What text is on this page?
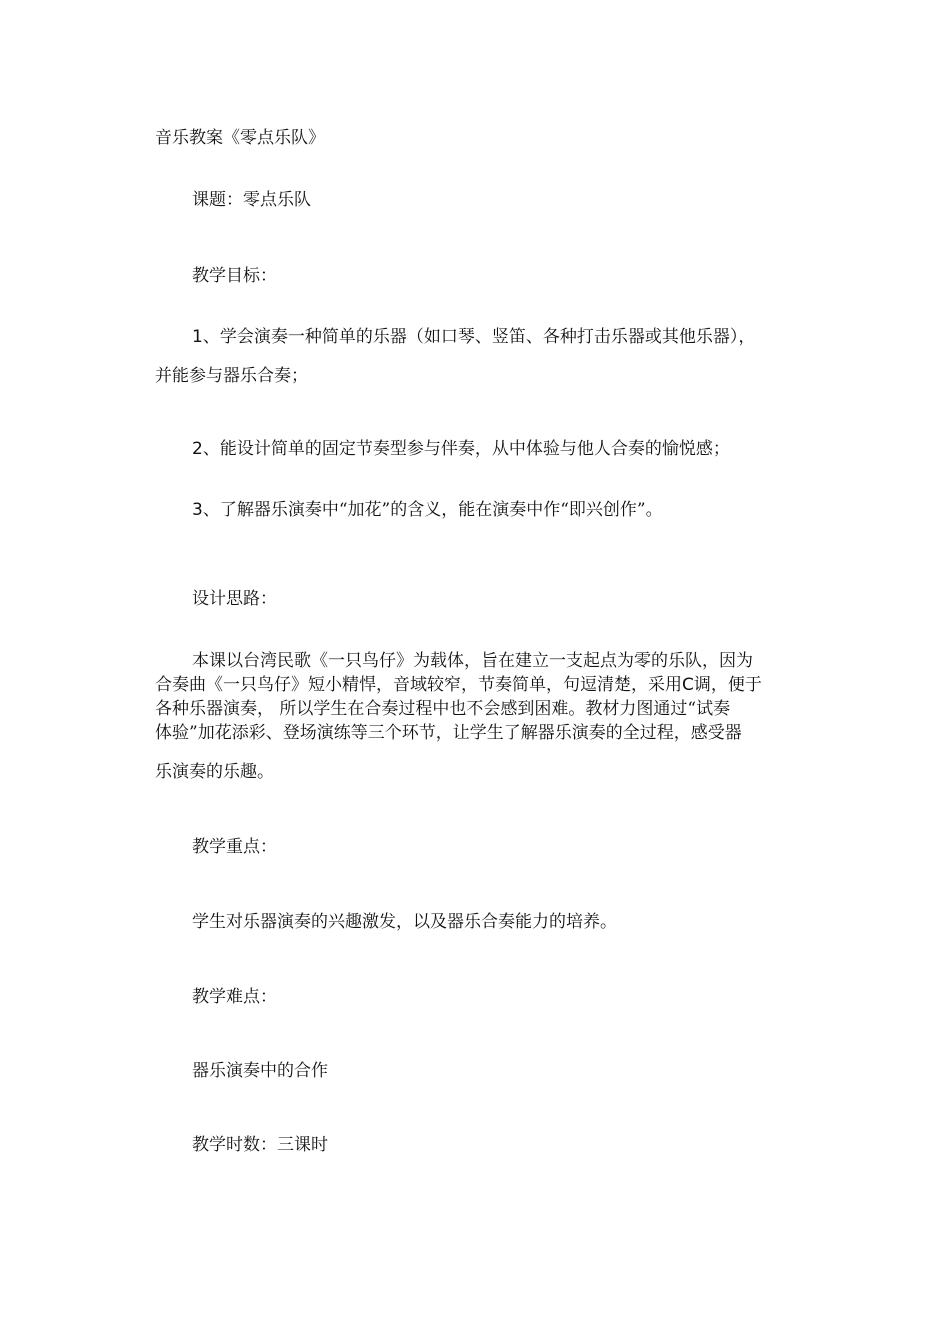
音乐教案《零点乐队》
课题：零点乐队
教学目标：
1、学会演奏一种简单的乐器（如口琴、竖笛、各种打击乐器或其他乐器），
并能参与器乐合奏；
2、能设计简单的固定节奏型参与伴奏，从中体验与他人合奏的愉悦感；
3、了解器乐演奏中“加花”的含义，能在演奏中作“即兴创作”。
设计思路：
本课以台湾民歌《一只鸟仔》为载体，旨在建立一支起点为零的乐队，因为
合奏曲《一只鸟仔》短小精悍，音域较窄，节奏简单，句逗清楚，采用C调，便于
各种乐器演奏， 所以学生在合奏过程中也不会感到困难。教材力图通过“试奏
体验”加花添彩、登场演练等三个环节，让学生了解器乐演奏的全过程，感受器
乐演奏的乐趣。
教学重点：
学生对乐器演奏的兴趣激发，以及器乐合奏能力的培养。
教学难点：
器乐演奏中的合作
教学时数：三课时
